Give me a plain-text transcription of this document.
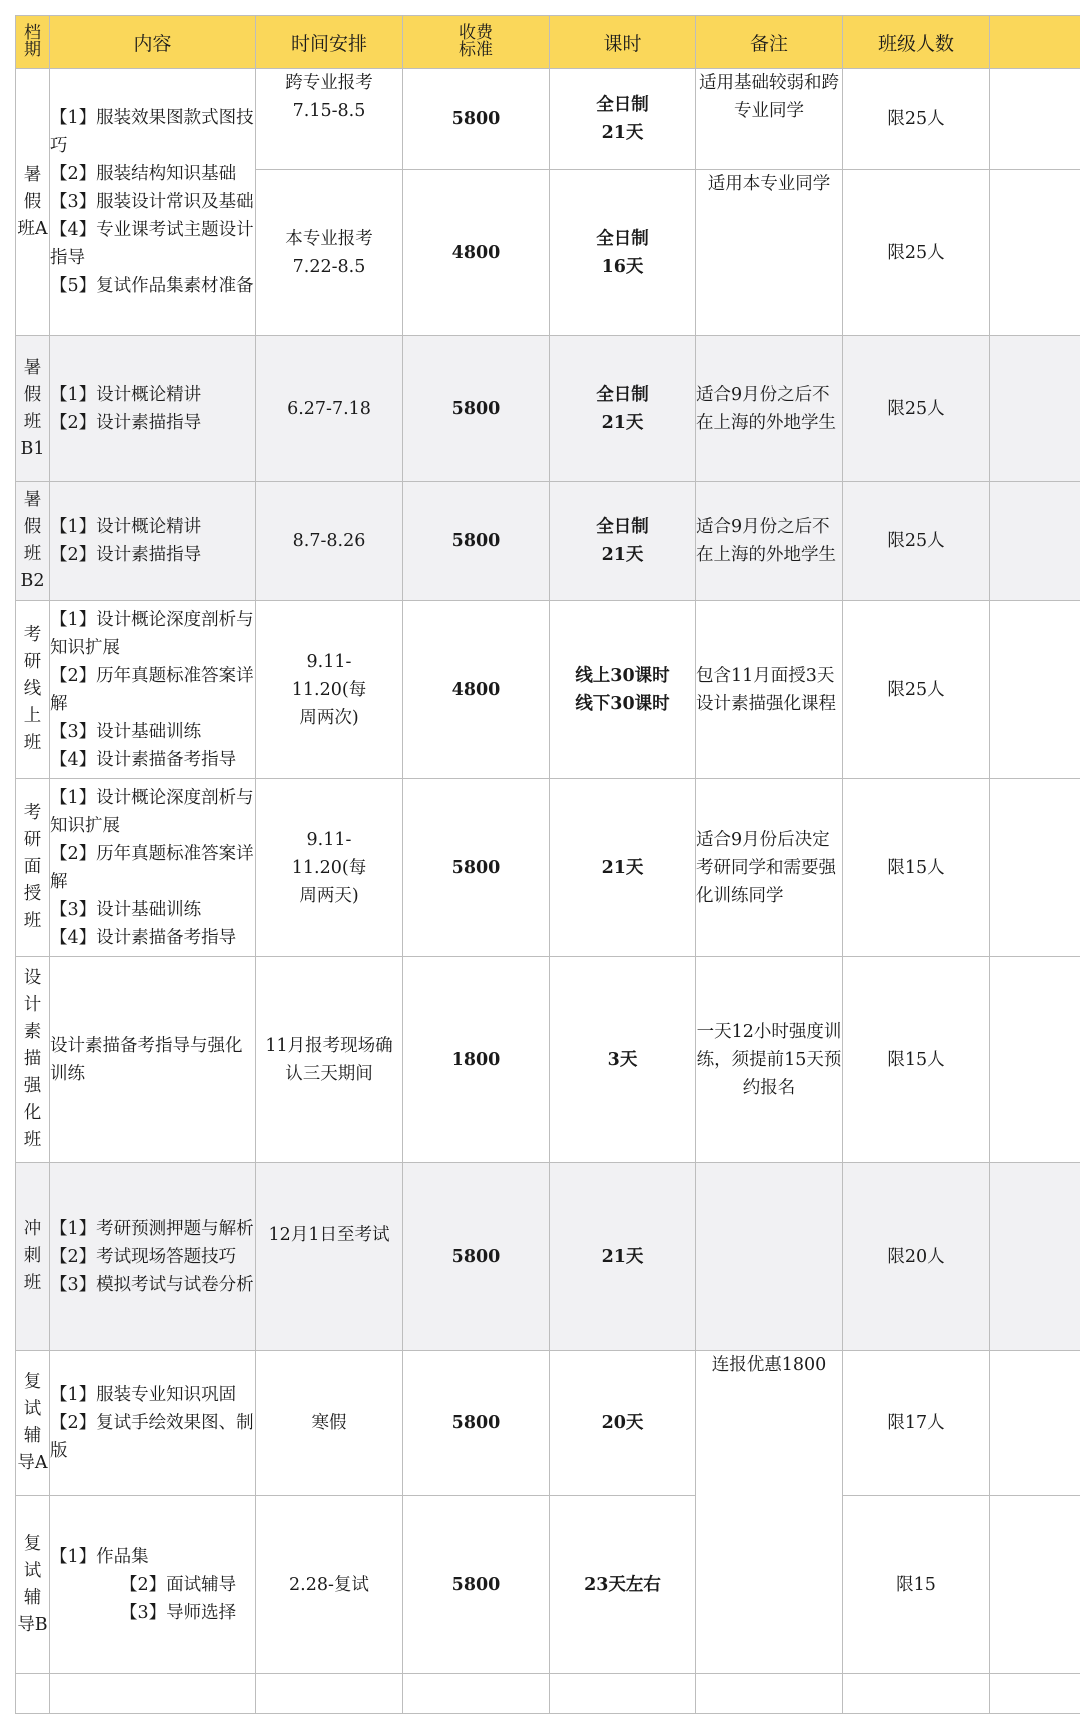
档期	内容	时间安排	收费标准	课时	备注	班级人数	
暑假班A	【1】服装效果图款式图技巧
【2】服装结构知识基础
【3】服装设计常识及基础
【4】专业课考试主题设计指导
【5】复试作品集素材准备	跨专业报考7.15-8.5	5800	全日制21天	适用基础较弱和跨专业同学	限25人	
		本专业报考7.22-8.5	4800	全日制16天	适用本专业同学	限25人	
暑假班B1	【1】设计概论精讲
【2】设计素描指导	6.27-7.18	5800	全日制21天	适合9月份之后不在上海的外地学生	限25人	
暑假班B2	【1】设计概论精讲
【2】设计素描指导	8.7-8.26	5800	全日制21天	适合9月份之后不在上海的外地学生	限25人	
考研线上班	【1】设计概论深度剖析与知识扩展
【2】历年真题标准答案详解
【3】设计基础训练
【4】设计素描备考指导	9.11-11.20(每周两次)	4800	线上30课时线下30课时	包含11月面授3天设计素描强化课程	限25人	
考研面授班	【1】设计概论深度剖析与知识扩展
【2】历年真题标准答案详解
【3】设计基础训练
【4】设计素描备考指导	9.11-11.20(每周两天)	5800	21天	适合9月份后决定考研同学和需要强化训练同学	限15人	
设计素描强化班	设计素描备考指导与强化训练	11月报考现场确认三天期间	1800	3天	一天12小时强度训练，须提前15天预约报名	限15人	
冲刺班	【1】考研预测押题与解析
【2】考试现场答题技巧
【3】模拟考试与试卷分析	12月1日至考试	5800	21天		限20人	
复试辅导A	【1】服装专业知识巩固
【2】复试手绘效果图、制版	寒假	5800	20天	连报优惠1800	限17人	
复试辅导B	【1】作品集
【2】面试辅导
【3】导师选择	2.28-复试	5800	23天左右		限15	
